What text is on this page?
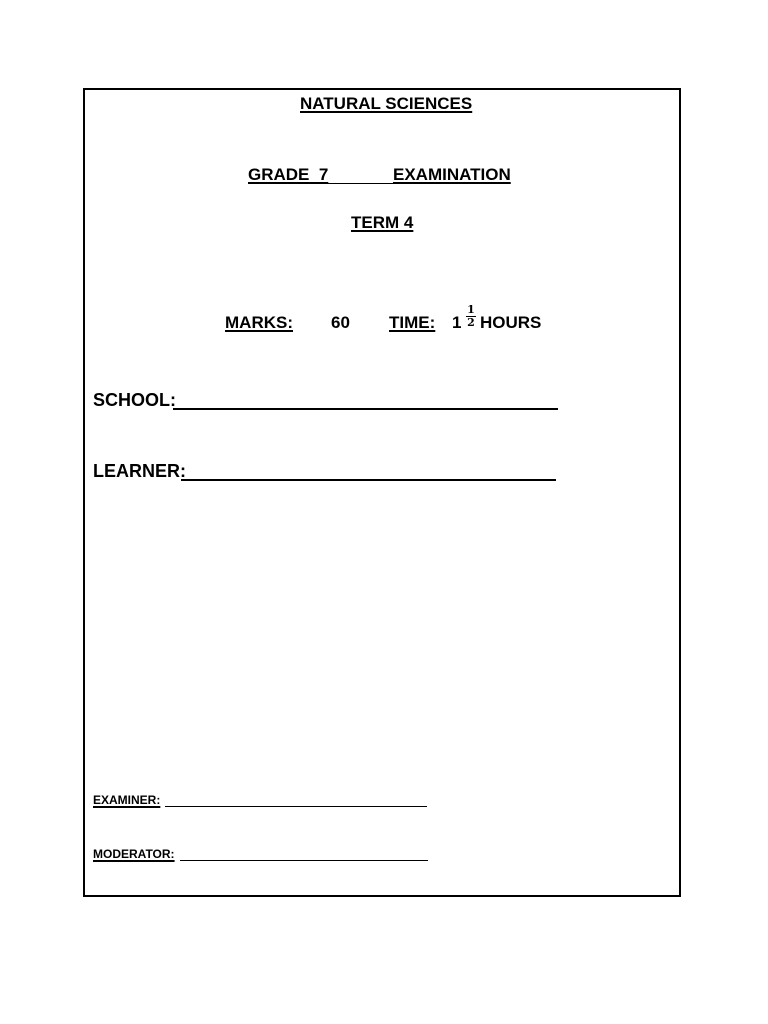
NATURAL SCIENCES
GRADE  7	EXAMINATION
TERM 4
MARKS: 60 TIME: 1
1
2 HOURS
SCHOOL:
LEARNER:
EXAMINER:
MODERATOR:
